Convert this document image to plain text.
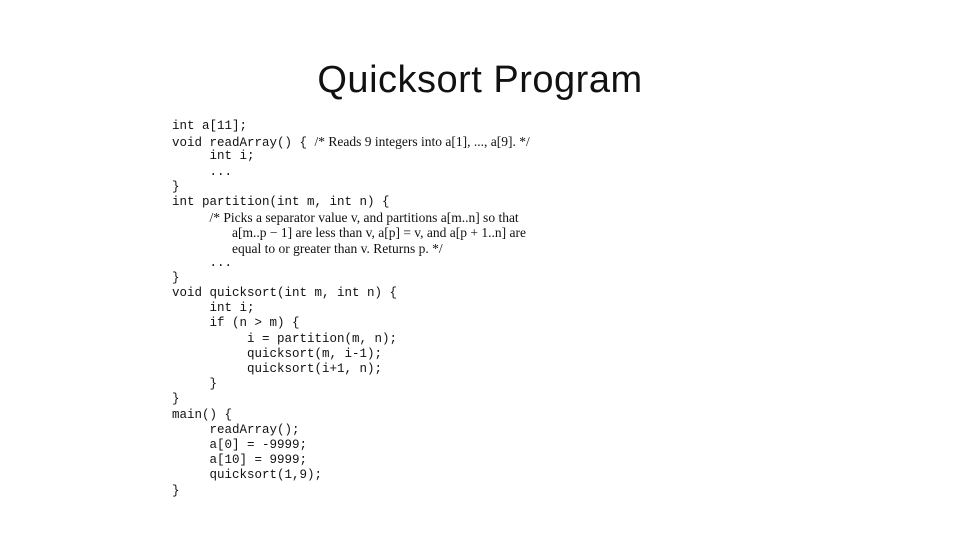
Quicksort Program
int a[11];
void readArray() { /* Reads 9 integers into a[1], ..., a[9]. */
int i;
...
}
int partition(int m, int n) {
/* Picks a separator value v, and partitions a[m..n] so that
a[m..p − 1] are less than v, a[p] = v, and a[p + 1..n] are
equal to or greater than v. Returns p. */
...
}
void quicksort(int m, int n) {
int i;
if (n > m) {
i = partition(m, n);
quicksort(m, i-1);
quicksort(i+1, n);
}
}
main() {
readArray();
a[0] = -9999;
a[10] = 9999;
quicksort(1,9);
}
